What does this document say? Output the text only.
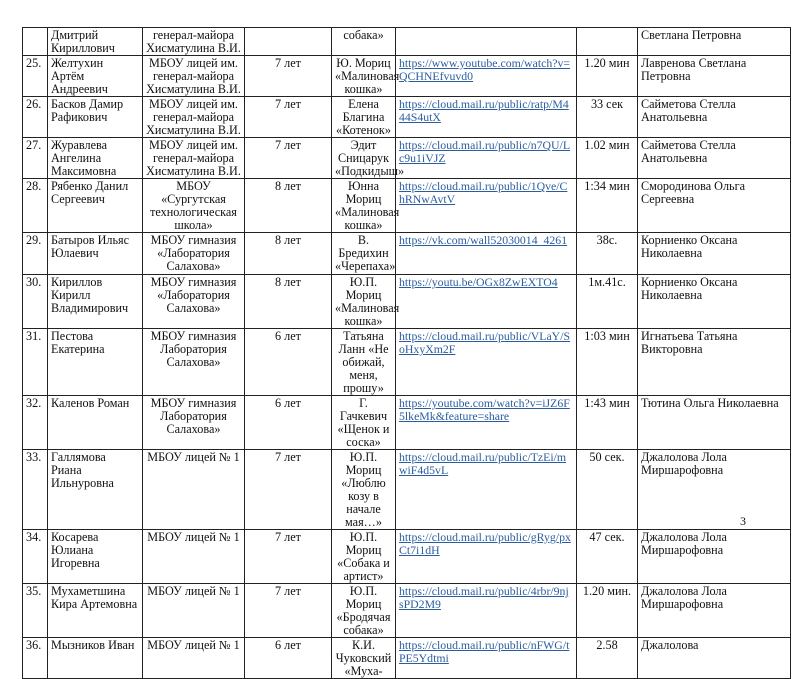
	Дмитрий Кириллович	генерал-майора Хисматулина В.И.		собака»			Светлана Петровна
25.	Желтухин Артём Андреевич	МБОУ лицей им. генерал-майора Хисматулина В.И.	7 лет	Ю. Мориц «Малиновая кошка»	https://www.youtube.com/watch?v=QCHNEfvuvd0	1.20 мин	Лавренова Светлана Петровна
26.	Басков Дамир Рафикович	МБОУ лицей им. генерал-майора Хисматулина В.И.	7 лет	Елена Благина «Котенок»	https://cloud.mail.ru/public/ratp/M444S4utX	33 сек	Сайметова Стелла Анатольевна
27.	Журавлева Ангелина Максимовна	МБОУ лицей им. генерал-майора Хисматулина В.И.	7 лет	Эдит Сницарук «Подкидыш»	https://cloud.mail.ru/public/n7QU/Lc9u1iVJZ	1.02 мин	Сайметова Стелла Анатольевна
28.	Рябенко Данил Сергеевич	МБОУ «Сургутская технологическая школа»	8 лет	Юнна Мориц «Малиновая кошка»	https://cloud.mail.ru/public/1Qve/ChRNwAvtV	1:34 мин	Смородинова Ольга Сергеевна
29.	Батыров Ильяс Юлаевич	МБОУ гимназия «Лаборатория Салахова»	8 лет	В. Бредихин «Черепаха»	https://vk.com/wall52030014_4261	38с.	Корниенко Оксана Николаевна
30.	Кириллов Кирилл Владимирович	МБОУ гимназия «Лаборатория Салахова»	8 лет	Ю.П. Мориц «Малиновая кошка»	https://youtu.be/OGx8ZwEXTO4	1м.41с.	Корниенко Оксана Николаевна
31.	Пестова Екатерина	МБОУ гимназия Лаборатория Салахова»	6 лет	Татьяна Ланн «Не обижай, меня, прошу»	https://cloud.mail.ru/public/VLaY/SoHxyXm2F	1:03 мин	Игнатьева Татьяна Викторовна
32.	Каленов Роман	МБОУ гимназия Лаборатория Салахова»	6 лет	Г. Гачкевич «Щенок и соска»	https://youtube.com/watch?v=iJZ6F5lkeMk&feature=share	1:43 мин	Тютина Ольга Николаевна
33.	Галлямова Риана Ильнуровна	МБОУ лицей № 1	7 лет	Ю.П. Мориц «Люблю козу в начале мая…»	https://cloud.mail.ru/public/TzEi/mwiF4d5vL	50 сек.	Джалолова Лола Миршарофовна
34.	Косарева Юлиана Игоревна	МБОУ лицей № 1	7 лет	Ю.П. Мориц «Собака и артист»	https://cloud.mail.ru/public/gRyg/pxCt7i1dH	47 сек.	Джалолова Лола Миршарофовна
35.	Мухаметшина Кира Артемовна	МБОУ лицей № 1	7 лет	Ю.П. Мориц «Бродячая собака»	https://cloud.mail.ru/public/4rbr/9njsPD2M9	1.20 мин.	Джалолова Лола Миршарофовна
36.	Мызников Иван	МБОУ лицей № 1	6 лет	К.И. Чуковский «Муха-	https://cloud.mail.ru/public/nFWG/tPE5Ydtmi	2.58	Джалолова
3
